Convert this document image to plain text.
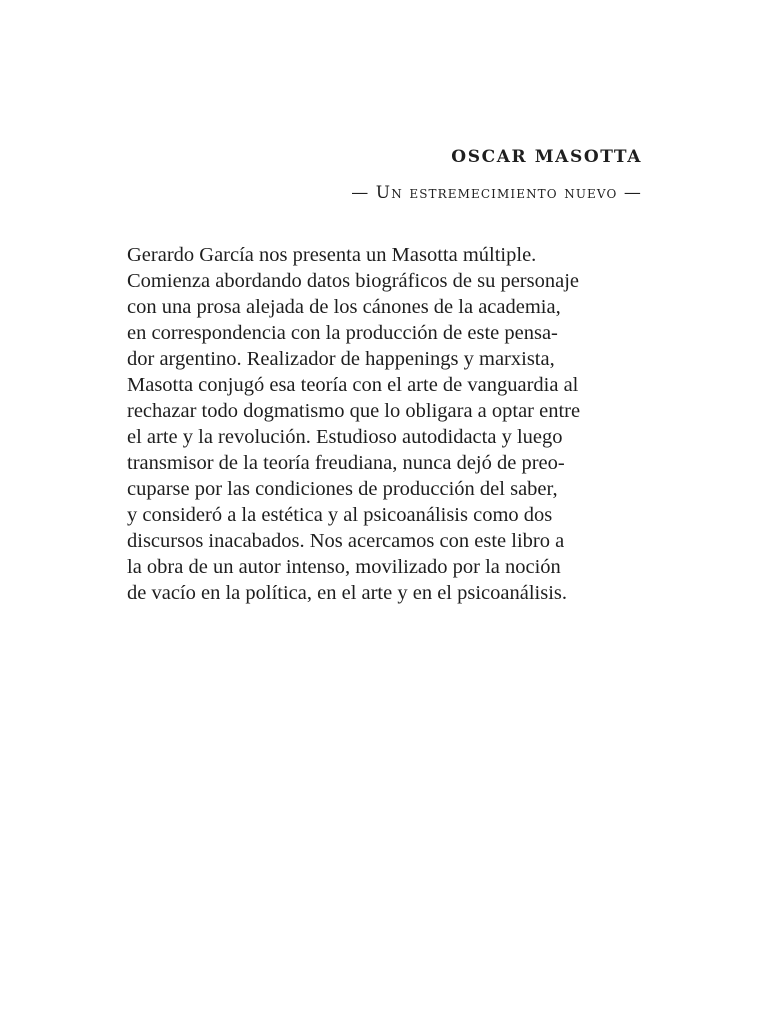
OSCAR MASOTTA
— Un estremecimiento nuevo —
Gerardo García nos presenta un Masotta múltiple.
Comienza abordando datos biográficos de su personaje
con una prosa alejada de los cánones de la academia,
en correspondencia con la producción de este pensa-
dor argentino. Realizador de happenings y marxista,
Masotta conjugó esa teoría con el arte de vanguardia al
rechazar todo dogmatismo que lo obligara a optar entre
el arte y la revolución. Estudioso autodidacta y luego
transmisor de la teoría freudiana, nunca dejó de preo-
cuparse por las condiciones de producción del saber,
y consideró a la estética y al psicoanálisis como dos
discursos inacabados. Nos acercamos con este libro a
la obra de un autor intenso, movilizado por la noción
de vacío en la política, en el arte y en el psicoanálisis.
